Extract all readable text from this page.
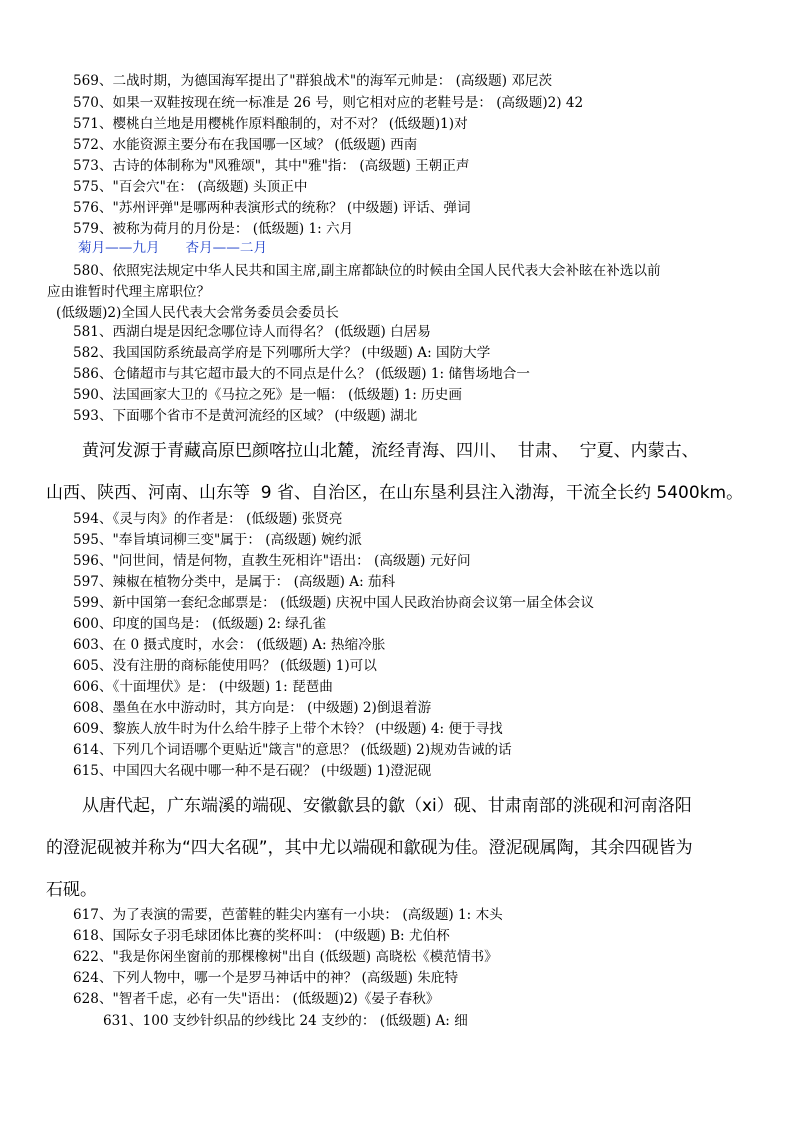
569、二战时期，为德国海军提出了"群狼战术"的海军元帅是： (高级题) 邓尼茨
570、如果一双鞋按现在统一标准是 26 号，则它相对应的老鞋号是： (高级题)2) 42
571、樱桃白兰地是用樱桃作原料酿制的，对不对？ (低级题)1)对
572、水能资源主要分布在我国哪一区域？ (低级题) 西南
573、古诗的体制称为"风雅颂"，其中"雅"指： (高级题) 王朝正声
575、"百会穴"在： (高级题) 头顶正中
576、"苏州评弹"是哪两种表演形式的统称？ (中级题) 评话、弹词
579、被称为荷月的月份是： (低级题) 1: 六月
菊月——九月      杏月——二月
580、依照宪法规定中华人民共和国主席,副主席都缺位的时候由全国人民代表大会补眩在补选以前
应由谁暂时代理主席职位？
(低级题)2)全国人民代表大会常务委员会委员长
581、西湖白堤是因纪念哪位诗人而得名？ (低级题) 白居易
582、我国国防系统最高学府是下列哪所大学？ (中级题) A: 国防大学
586、仓储超市与其它超市最大的不同点是什么？ (低级题) 1: 储售场地合一
590、法国画家大卫的《马拉之死》是一幅： (低级题) 1: 历史画
593、下面哪个省市不是黄河流经的区域？ (中级题) 湖北
黄河发源于青藏高原巴颜喀拉山北麓，流经青海、四川、  甘肃、  宁夏、内蒙古、
山西、陕西、河南、山东等  9 省、自治区，在山东垦利县注入渤海，干流全长约 5400km。
594、《灵与肉》的作者是： (低级题) 张贤亮
595、"奉旨填词柳三变"属于： (高级题) 婉约派
596、"问世间，情是何物，直教生死相许"语出： (高级题) 元好问
597、辣椒在植物分类中，是属于： (高级题) A: 茄科
599、新中国第一套纪念邮票是： (低级题) 庆祝中国人民政治协商会议第一届全体会议
600、印度的国鸟是： (低级题) 2: 绿孔雀
603、在 0 摄式度时，水会： (低级题) A: 热缩冷胀
605、没有注册的商标能使用吗？ (低级题) 1)可以
606、《十面埋伏》是： (中级题) 1: 琵琶曲
608、墨鱼在水中游动时，其方向是： (中级题) 2)倒退着游
609、黎族人放牛时为什么给牛脖子上带个木铃？ (中级题) 4: 便于寻找
614、下列几个词语哪个更贴近"箴言"的意思？ (低级题) 2)规劝告诫的话
615、中国四大名砚中哪一种不是石砚？ (中级题) 1)澄泥砚
从唐代起，广东端溪的端砚、安徽歙县的歙（xi）砚、甘肃南部的洮砚和河南洛阳
的澄泥砚被并称为“四大名砚”，其中尤以端砚和歙砚为佳。澄泥砚属陶，其余四砚皆为
石砚。
617、为了表演的需要，芭蕾鞋的鞋尖内塞有一小块： (高级题) 1: 木头
618、国际女子羽毛球团体比赛的奖杯叫： (中级题) B: 尤伯杯
622、"我是你闲坐窗前的那棵橡树"出自 (低级题) 高晓松《模范情书》
624、下列人物中，哪一个是罗马神话中的神？ (高级题) 朱庇特
628、"智者千虑，必有一失"语出： (低级题)2)《晏子春秋》
631、100 支纱针织品的纱线比 24 支纱的： (低级题) A: 细
